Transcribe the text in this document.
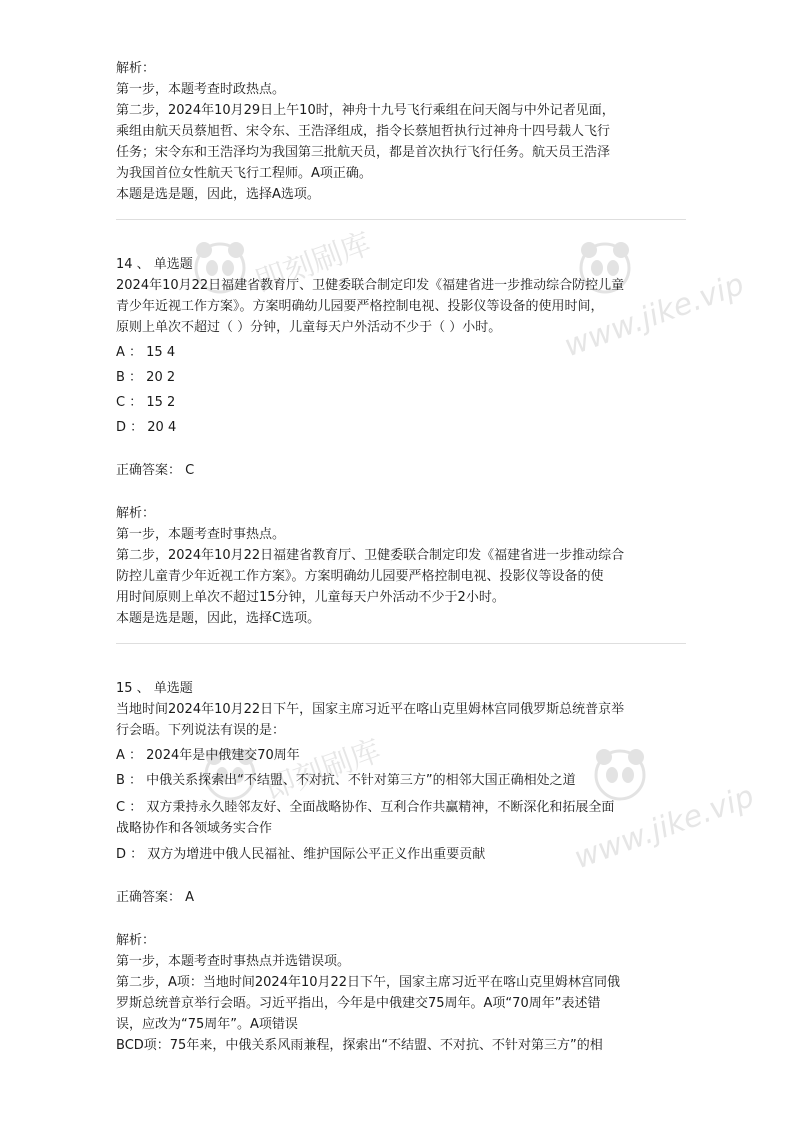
即刻刷库
www.jike.vip
即刻刷库
www.jike.vip
解析：
第一步，本题考查时政热点。
第二步，2024年10月29日上午10时，神舟十九号飞行乘组在问天阁与中外记者见面，
乘组由航天员蔡旭哲、宋令东、王浩泽组成，指令长蔡旭哲执行过神舟十四号载人飞行
任务；宋令东和王浩泽均为我国第三批航天员，都是首次执行飞行任务。航天员王浩泽
为我国首位女性航天飞行工程师。A项正确。
本题是选是题，因此，选择A选项。
14 、 单选题
2024年10月22日福建省教育厅、卫健委联合制定印发《福建省进一步推动综合防控儿童
青少年近视工作方案》。方案明确幼儿园要严格控制电视、投影仪等设备的使用时间，
原则上单次不超过（ ）分钟，儿童每天户外活动不少于（ ）小时。
A ： 15 4
B ： 20 2
C ： 15 2
D ： 20 4
正确答案： C
解析：
第一步，本题考查时事热点。
第二步，2024年10月22日福建省教育厅、卫健委联合制定印发《福建省进一步推动综合
防控儿童青少年近视工作方案》。方案明确幼儿园要严格控制电视、投影仪等设备的使
用时间原则上单次不超过15分钟，儿童每天户外活动不少于2小时。
本题是选是题，因此，选择C选项。
15 、 单选题
当地时间2024年10月22日下午，国家主席习近平在喀山克里姆林宫同俄罗斯总统普京举
行会晤。下列说法有误的是：
A ： 2024年是中俄建交70周年
B ： 中俄关系探索出“不结盟、不对抗、不针对第三方”的相邻大国正确相处之道
C ： 双方秉持永久睦邻友好、全面战略协作、互利合作共赢精神，不断深化和拓展全面
战略协作和各领域务实合作
D ： 双方为增进中俄人民福祉、维护国际公平正义作出重要贡献
正确答案： A
解析：
第一步，本题考查时事热点并选错误项。
第二步，A项：当地时间2024年10月22日下午，国家主席习近平在喀山克里姆林宫同俄
罗斯总统普京举行会晤。习近平指出，今年是中俄建交75周年。A项“70周年”表述错
误，应改为“75周年”。A项错误
BCD项：75年来，中俄关系风雨兼程，探索出“不结盟、不对抗、不针对第三方”的相
